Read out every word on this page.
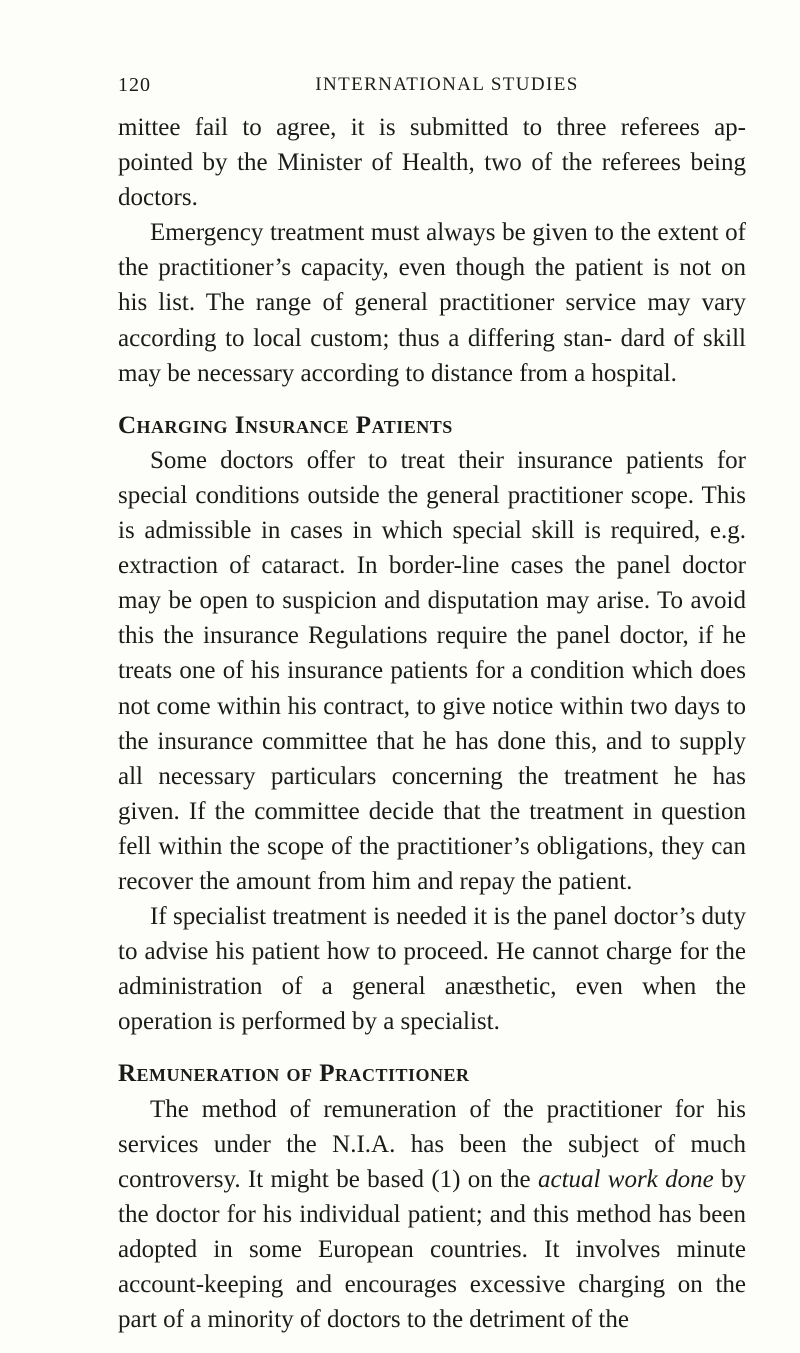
120	INTERNATIONAL STUDIES

mittee fail to agree, it is submitted to three referees ap- pointed by the Minister of Health, two of the referees being doctors.

Emergency treatment must always be given to the extent of the practitioner’s capacity, even though the patient is not on his list. The range of general practitioner service may vary according to local custom; thus a differing stan- dard of skill may be necessary according to distance from a hospital.

Charging Insurance Patients

Some doctors offer to treat their insurance patients for special conditions outside the general practitioner scope. This is admissible in cases in which special skill is required, e.g. extraction of cataract. In border-line cases the panel doctor may be open to suspicion and disputation may arise. To avoid this the insurance Regulations require the panel doctor, if he treats one of his insurance patients for a condition which does not come within his contract, to give notice within two days to the insurance committee that he has done this, and to supply all necessary particulars concerning the treatment he has given. If the committee decide that the treatment in question fell within the scope of the practitioner’s obligations, they can recover the amount from him and repay the patient.

If specialist treatment is needed it is the panel doctor’s duty to advise his patient how to proceed. He cannot charge for the administration of a general anæsthetic, even when the operation is performed by a specialist.

Remuneration of Practitioner

The method of remuneration of the practitioner for his services under the N.I.A. has been the subject of much controversy. It might be based (1) on the actual work done by the doctor for his individual patient; and this method has been adopted in some European countries. It involves minute account-keeping and encourages excessive charging on the part of a minority of doctors to the detriment of the
